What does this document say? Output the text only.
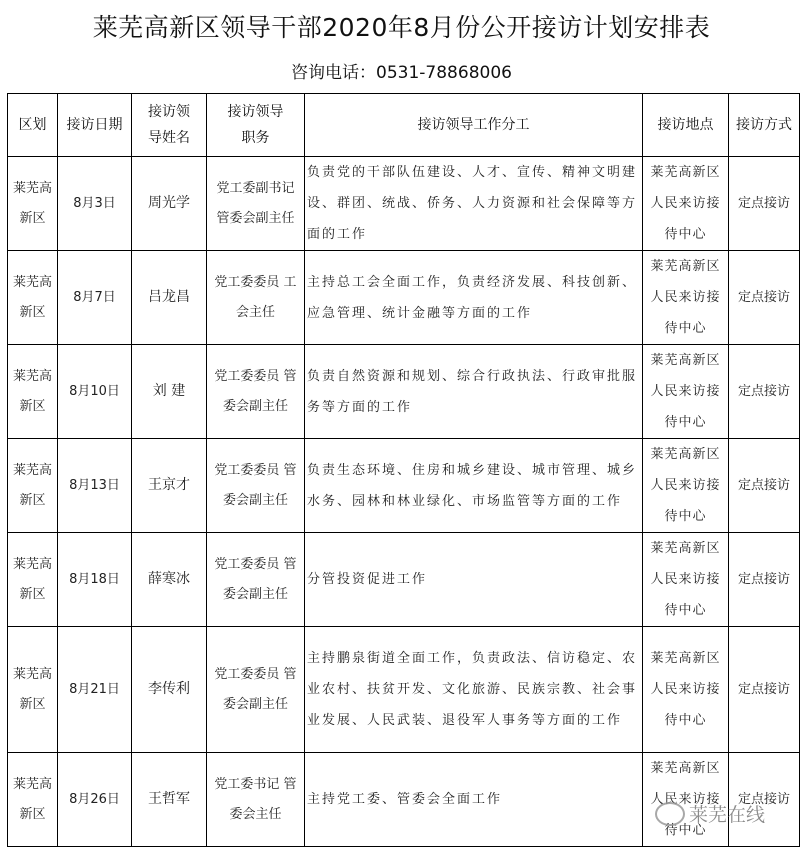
莱芜高新区领导干部2020年8月份公开接访计划安排表
咨询电话：0531-78868006
区划	接访日期	接访领导姓名	接访领导职务	接访领导工作分工	接访地点	接访方式
莱芜高新区	8月3日	周光学	党工委副书记 管委会副主任	负责党的干部队伍建设、人才、宣传、精神文明建设、群团、统战、侨务、人力资源和社会保障等方面的工作	莱芜高新区人民来访接待中心	定点接访
莱芜高新区	8月7日	吕龙昌	党工委委员 工会主任	主持总工会全面工作，负责经济发展、科技创新、应急管理、统计金融等方面的工作	莱芜高新区人民来访接待中心	定点接访
莱芜高新区	8月10日	刘 建	党工委委员 管委会副主任	负责自然资源和规划、综合行政执法、行政审批服务等方面的工作	莱芜高新区人民来访接待中心	定点接访
莱芜高新区	8月13日	王京才	党工委委员 管委会副主任	负责生态环境、住房和城乡建设、城市管理、城乡水务、园林和林业绿化、市场监管等方面的工作	莱芜高新区人民来访接待中心	定点接访
莱芜高新区	8月18日	薛寒冰	党工委委员 管委会副主任	分管投资促进工作	莱芜高新区人民来访接待中心	定点接访
莱芜高新区	8月21日	李传利	党工委委员 管委会副主任	主持鹏泉街道全面工作，负责政法、信访稳定、农业农村、扶贫开发、文化旅游、民族宗教、社会事业发展、人民武装、退役军人事务等方面的工作	莱芜高新区人民来访接待中心	定点接访
莱芜高新区	8月26日	王哲军	党工委书记 管委会主任	主持党工委、管委会全面工作	莱芜高新区人民来访接待中心	定点接访
莱芜在线
